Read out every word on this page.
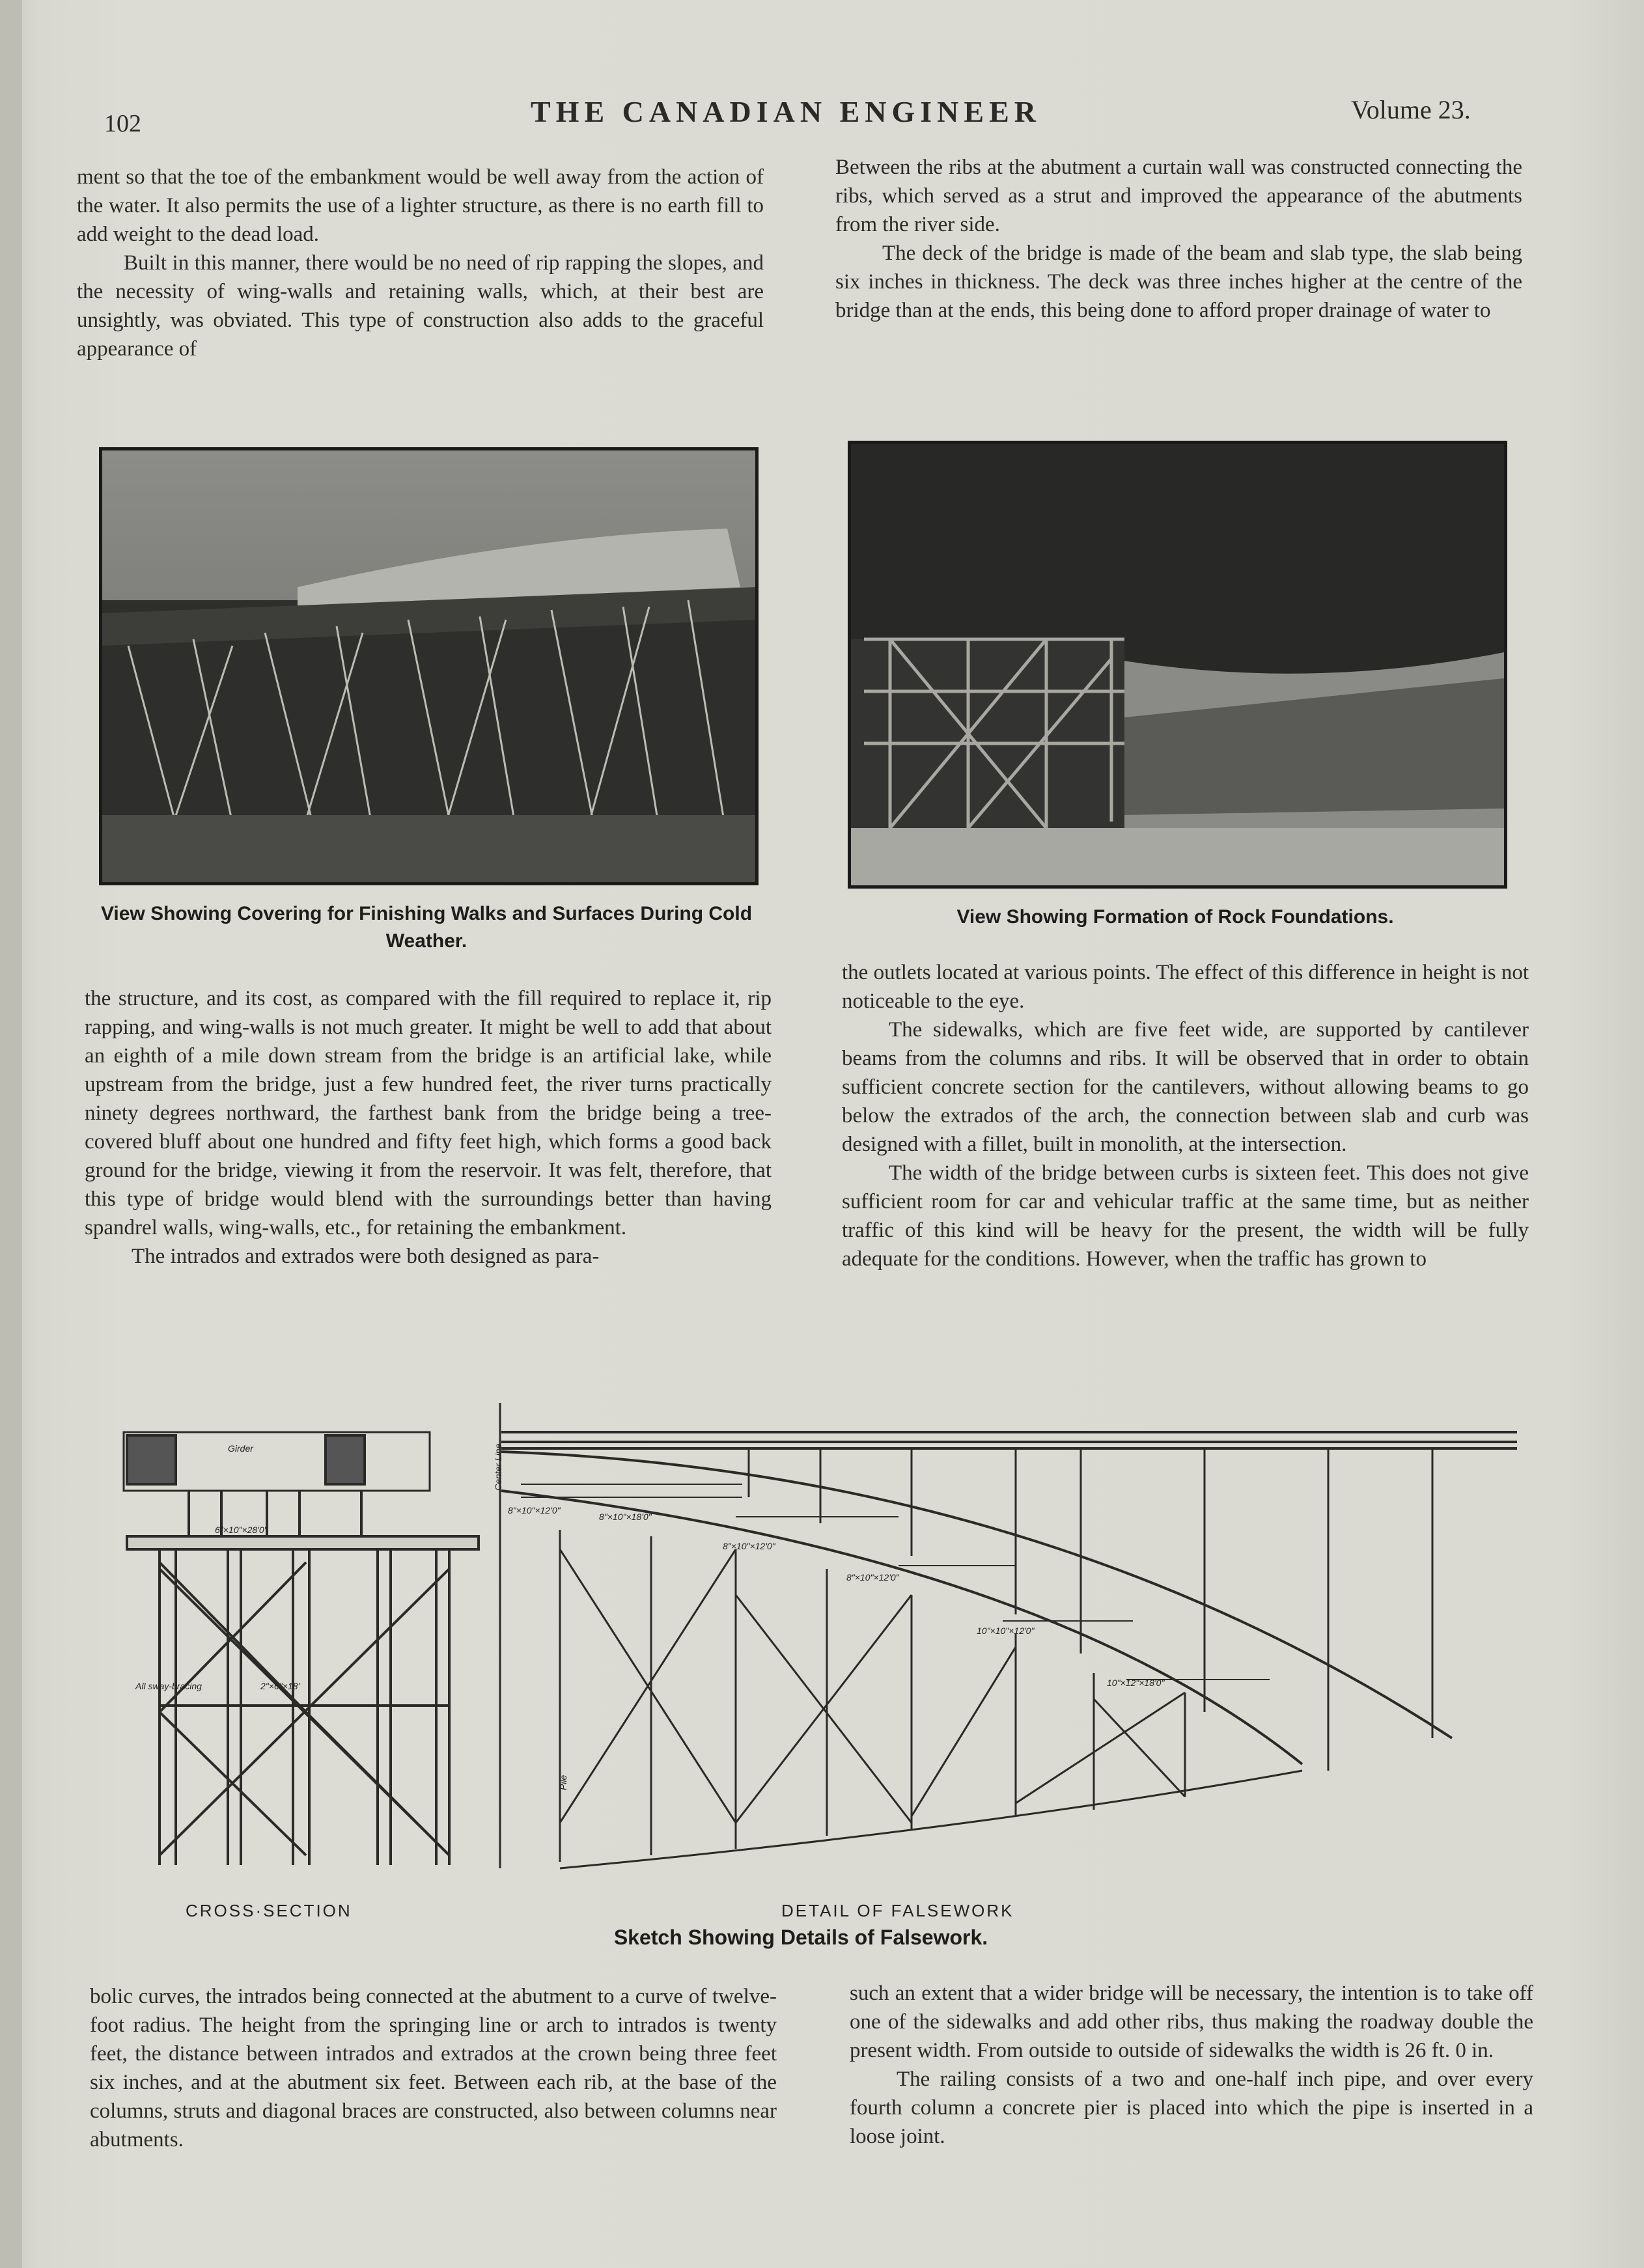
102	THE CANADIAN ENGINEER	Volume 23.

ment so that the toe of the embankment would be well away from the action of the water. It also permits the use of a lighter structure, as there is no earth fill to add weight to the dead load.

Built in this manner, there would be no need of rip rapping the slopes, and the necessity of wing-walls and retaining walls, which, at their best are unsightly, was obviated. This type of construction also adds to the graceful appearance of

Between the ribs at the abutment a curtain wall was constructed connecting the ribs, which served as a strut and improved the appearance of the abutments from the river side.

The deck of the bridge is made of the beam and slab type, the slab being six inches in thickness. The deck was three inches higher at the centre of the bridge than at the ends, this being done to afford proper drainage of water to

View Showing Covering for Finishing Walks and Surfaces During Cold Weather.
View Showing Formation of Rock Foundations.

the structure, and its cost, as compared with the fill required to replace it, rip rapping, and wing-walls is not much greater. It might be well to add that about an eighth of a mile down stream from the bridge is an artificial lake, while upstream from the bridge, just a few hundred feet, the river turns practically ninety degrees northward, the farthest bank from the bridge being a tree-covered bluff about one hundred and fifty feet high, which forms a good back ground for the bridge, viewing it from the reservoir. It was felt, therefore, that this type of bridge would blend with the surroundings better than having spandrel walls, wing-walls, etc., for retaining the embankment.

The intrados and extrados were both designed as para-

the outlets located at various points. The effect of this difference in height is not noticeable to the eye.

The sidewalks, which are five feet wide, are supported by cantilever beams from the columns and ribs. It will be observed that in order to obtain sufficient concrete section for the cantilevers, without allowing beams to go below the extrados of the arch, the connection between slab and curb was designed with a fillet, built in monolith, at the intersection.

The width of the bridge between curbs is sixteen feet. This does not give sufficient room for car and vehicular traffic at the same time, but as neither traffic of this kind will be heavy for the present, the width will be fully adequate for the conditions. However, when the traffic has grown to

Girder
6"×10"×28'0"
All sway-bracing	2"×6"×18'
Center Line
Pile
8"×10"×12'0"
8"×10"×18'0"
8"×10"×12'0"
8"×10"×12'0"
10"×10"×12'0"
10"×12"×18'0"
CROSS·SECTION	DETAIL OF FALSEWORK
Sketch Showing Details of Falsework.

bolic curves, the intrados being connected at the abutment to a curve of twelve-foot radius. The height from the springing line or arch to intrados is twenty feet, the distance between intrados and extrados at the crown being three feet six inches, and at the abutment six feet. Between each rib, at the base of the columns, struts and diagonal braces are constructed, also between columns near abutments.

such an extent that a wider bridge will be necessary, the intention is to take off one of the sidewalks and add other ribs, thus making the roadway double the present width. From outside to outside of sidewalks the width is 26 ft. 0 in.

The railing consists of a two and one-half inch pipe, and over every fourth column a concrete pier is placed into which the pipe is inserted in a loose joint.
